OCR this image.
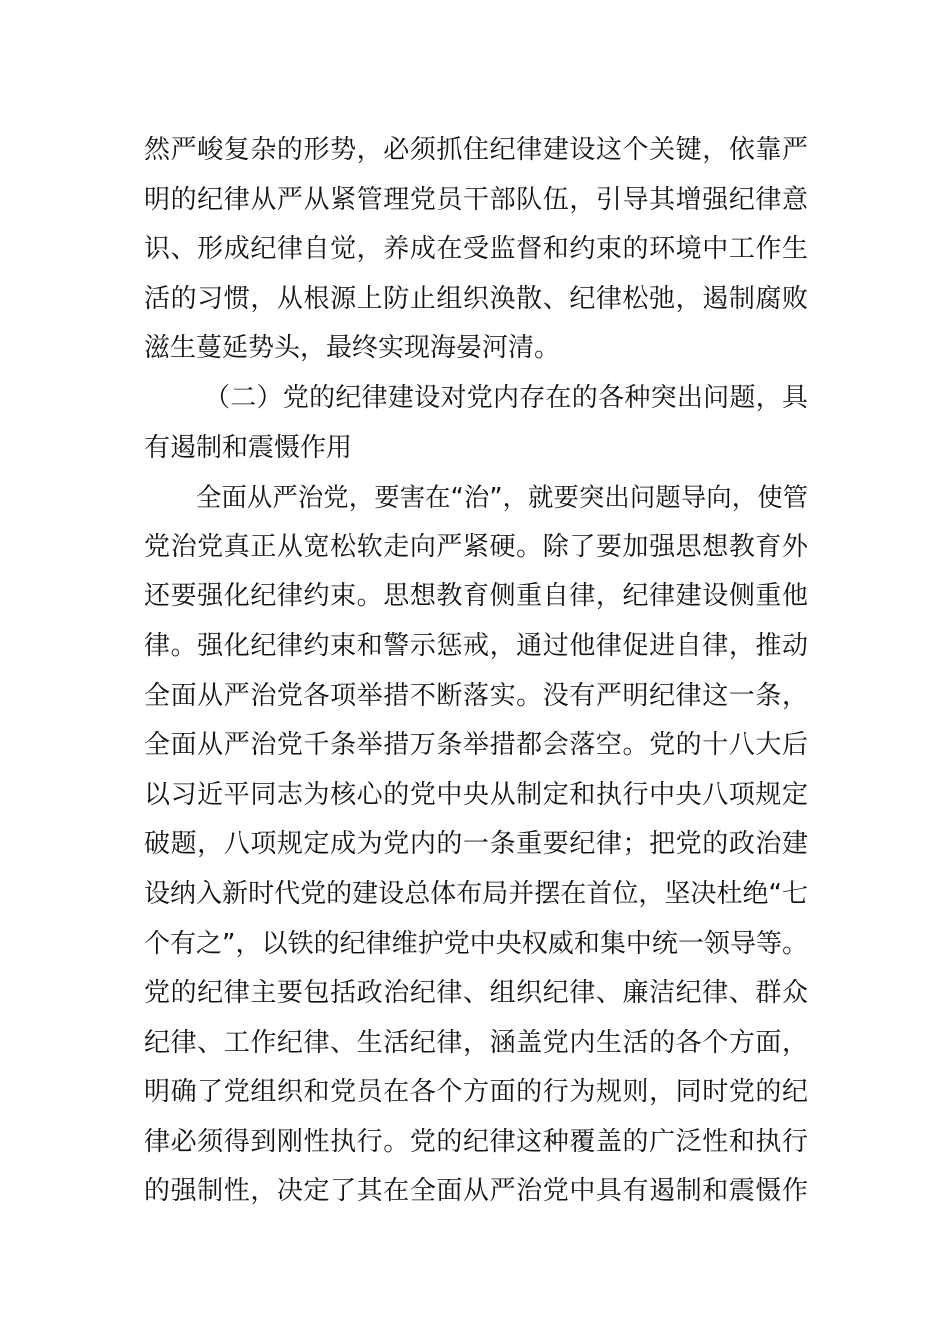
然严峻复杂的形势，必须抓住纪律建设这个关键，依靠严
明的纪律从严从紧管理党员干部队伍，引导其增强纪律意
识、形成纪律自觉，养成在受监督和约束的环境中工作生
活的习惯，从根源上防止组织涣散、纪律松弛，遏制腐败
滋生蔓延势头，最终实现海晏河清。
（二）党的纪律建设对党内存在的各种突出问题，具
有遏制和震慑作用
全面从严治党，要害在“治”，就要突出问题导向，使管
党治党真正从宽松软走向严紧硬。除了要加强思想教育外
还要强化纪律约束。思想教育侧重自律，纪律建设侧重他
律。强化纪律约束和警示惩戒，通过他律促进自律，推动
全面从严治党各项举措不断落实。没有严明纪律这一条，
全面从严治党千条举措万条举措都会落空。党的十八大后
以习近平同志为核心的党中央从制定和执行中央八项规定
破题，八项规定成为党内的一条重要纪律；把党的政治建
设纳入新时代党的建设总体布局并摆在首位，坚决杜绝“七
个有之”，以铁的纪律维护党中央权威和集中统一领导等。
党的纪律主要包括政治纪律、组织纪律、廉洁纪律、群众
纪律、工作纪律、生活纪律，涵盖党内生活的各个方面，
明确了党组织和党员在各个方面的行为规则，同时党的纪
律必须得到刚性执行。党的纪律这种覆盖的广泛性和执行
的强制性，决定了其在全面从严治党中具有遏制和震慑作
